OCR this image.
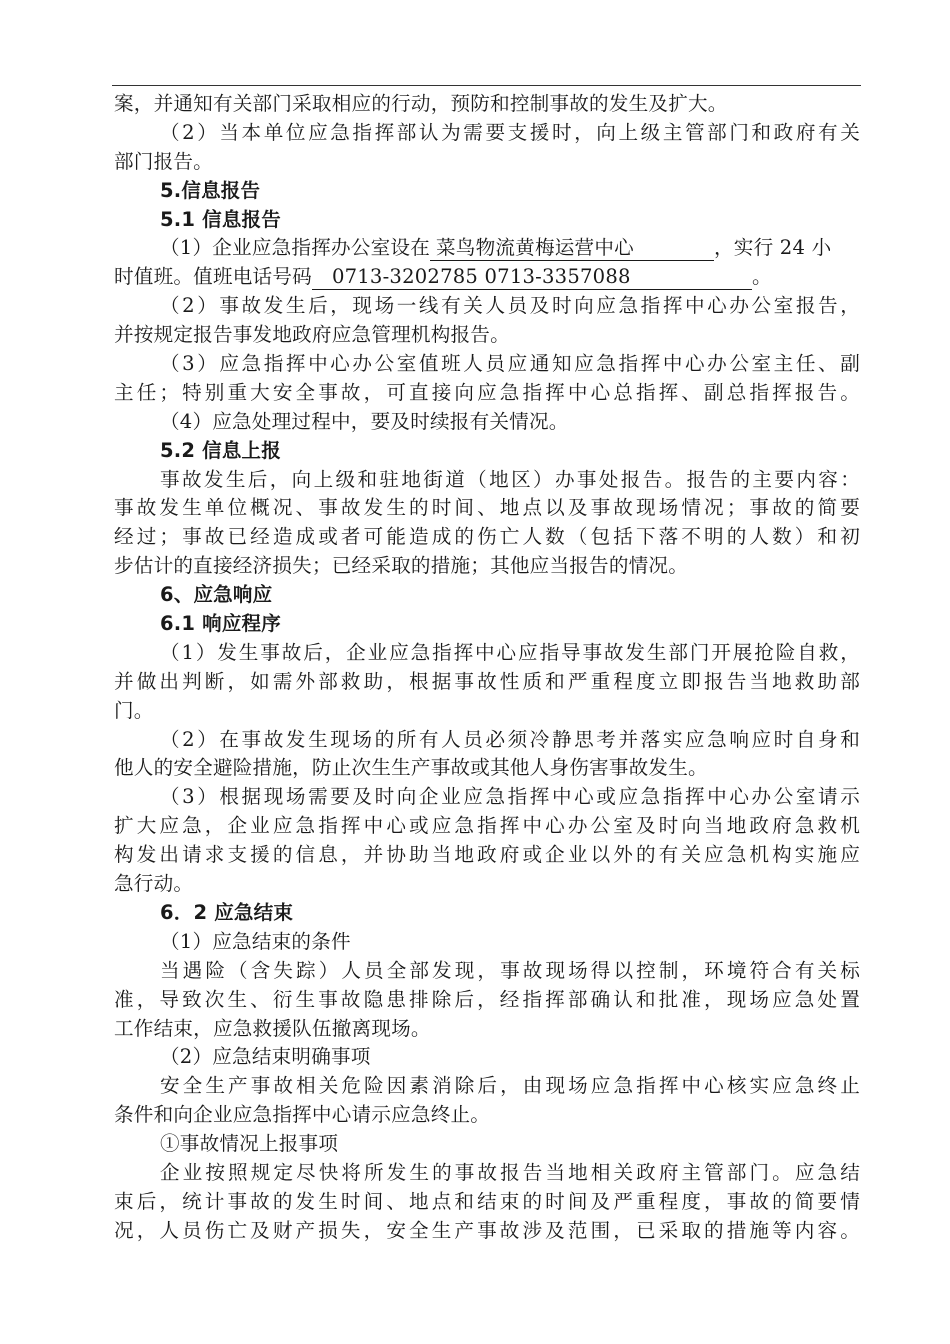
案，并通知有关部门采取相应的行动，预防和控制事故的发生及扩大。
（2）当本单位应急指挥部认为需要支援时，向上级主管部门和政府有关
部门报告。
5.信息报告
5.1 信息报告
（1）企业应急指挥办公室设在 菜鸟物流黄梅运营中心	，实行 24 小
时值班。值班电话号码 0713-3202785 0713-3357088	。
（2）事故发生后，现场一线有关人员及时向应急指挥中心办公室报告，
并按规定报告事发地政府应急管理机构报告。
（3）应急指挥中心办公室值班人员应通知应急指挥中心办公室主任、副
主任；特别重大安全事故，可直接向应急指挥中心总指挥、副总指挥报告。
（4）应急处理过程中，要及时续报有关情况。
5.2 信息上报
事故发生后，向上级和驻地街道（地区）办事处报告。报告的主要内容：
事故发生单位概况、事故发生的时间、地点以及事故现场情况；事故的简要
经过；事故已经造成或者可能造成的伤亡人数（包括下落不明的人数）和初
步估计的直接经济损失；已经采取的措施；其他应当报告的情况。
6、应急响应
6.1 响应程序
（1）发生事故后，企业应急指挥中心应指导事故发生部门开展抢险自救，
并做出判断，如需外部救助，根据事故性质和严重程度立即报告当地救助部
门。
（2）在事故发生现场的所有人员必须冷静思考并落实应急响应时自身和
他人的安全避险措施，防止次生生产事故或其他人身伤害事故发生。
（3）根据现场需要及时向企业应急指挥中心或应急指挥中心办公室请示
扩大应急，企业应急指挥中心或应急指挥中心办公室及时向当地政府急救机
构发出请求支援的信息，并协助当地政府或企业以外的有关应急机构实施应
急行动。
6．2 应急结束
（1）应急结束的条件
当遇险（含失踪）人员全部发现，事故现场得以控制，环境符合有关标
准，导致次生、衍生事故隐患排除后，经指挥部确认和批准，现场应急处置
工作结束，应急救援队伍撤离现场。
（2）应急结束明确事项
安全生产事故相关危险因素消除后，由现场应急指挥中心核实应急终止
条件和向企业应急指挥中心请示应急终止。
①事故情况上报事项
企业按照规定尽快将所发生的事故报告当地相关政府主管部门。应急结
束后，统计事故的发生时间、地点和结束的时间及严重程度，事故的简要情
况，人员伤亡及财产损失，安全生产事故涉及范围，已采取的措施等内容。
